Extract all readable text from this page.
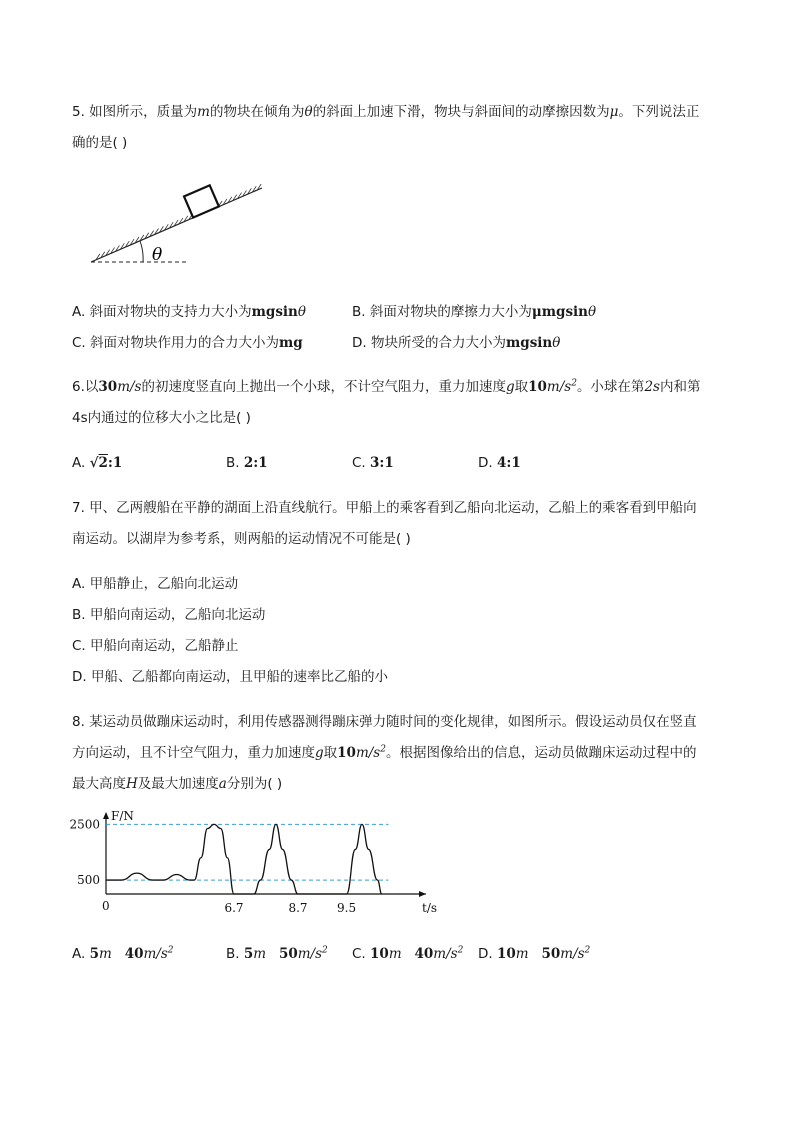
5. 如图所示，质量为m的物块在倾角为θ的斜面上加速下滑，物块与斜面间的动摩擦因数为μ。下列说法正
确的是( )
θ
A. 斜面对物块的支持力大小为mgsinθ	B. 斜面对物块的摩擦力大小为μmgsinθ
C. 斜面对物块作用力的合力大小为mg	D. 物块所受的合力大小为mgsinθ
6.以30m/s的初速度竖直向上抛出一个小球，不计空气阻力，重力加速度g取$10m/s^2$。小球在第2s内和第
4s内通过的位移大小之比是( )
A. √2:1	B. 2:1	C. 3:1	D. 4:1
7. 甲、乙两艘船在平静的湖面上沿直线航行。甲船上的乘客看到乙船向北运动，乙船上的乘客看到甲船向
南运动。以湖岸为参考系，则两船的运动情况不可能是( )
A. 甲船静止，乙船向北运动
B. 甲船向南运动，乙船向北运动
C. 甲船向南运动，乙船静止
D. 甲船、乙船都向南运动，且甲船的速率比乙船的小
8. 某运动员做蹦床运动时，利用传感器测得蹦床弹力随时间的变化规律，如图所示。假设运动员仅在竖直
方向运动，且不计空气阻力，重力加速度g取$10m/s^2$。根据图像给出的信息，运动员做蹦床运动过程中的
最大高度H及最大加速度a分别为( )
2500
500
F/N
t/s
0	6.7	8.7 9.5
A. 5m $40m/s^2$	B. 5m $50m/s^2$ C. 10m $40m/s^2$ D. 10m $50m/s^2$
